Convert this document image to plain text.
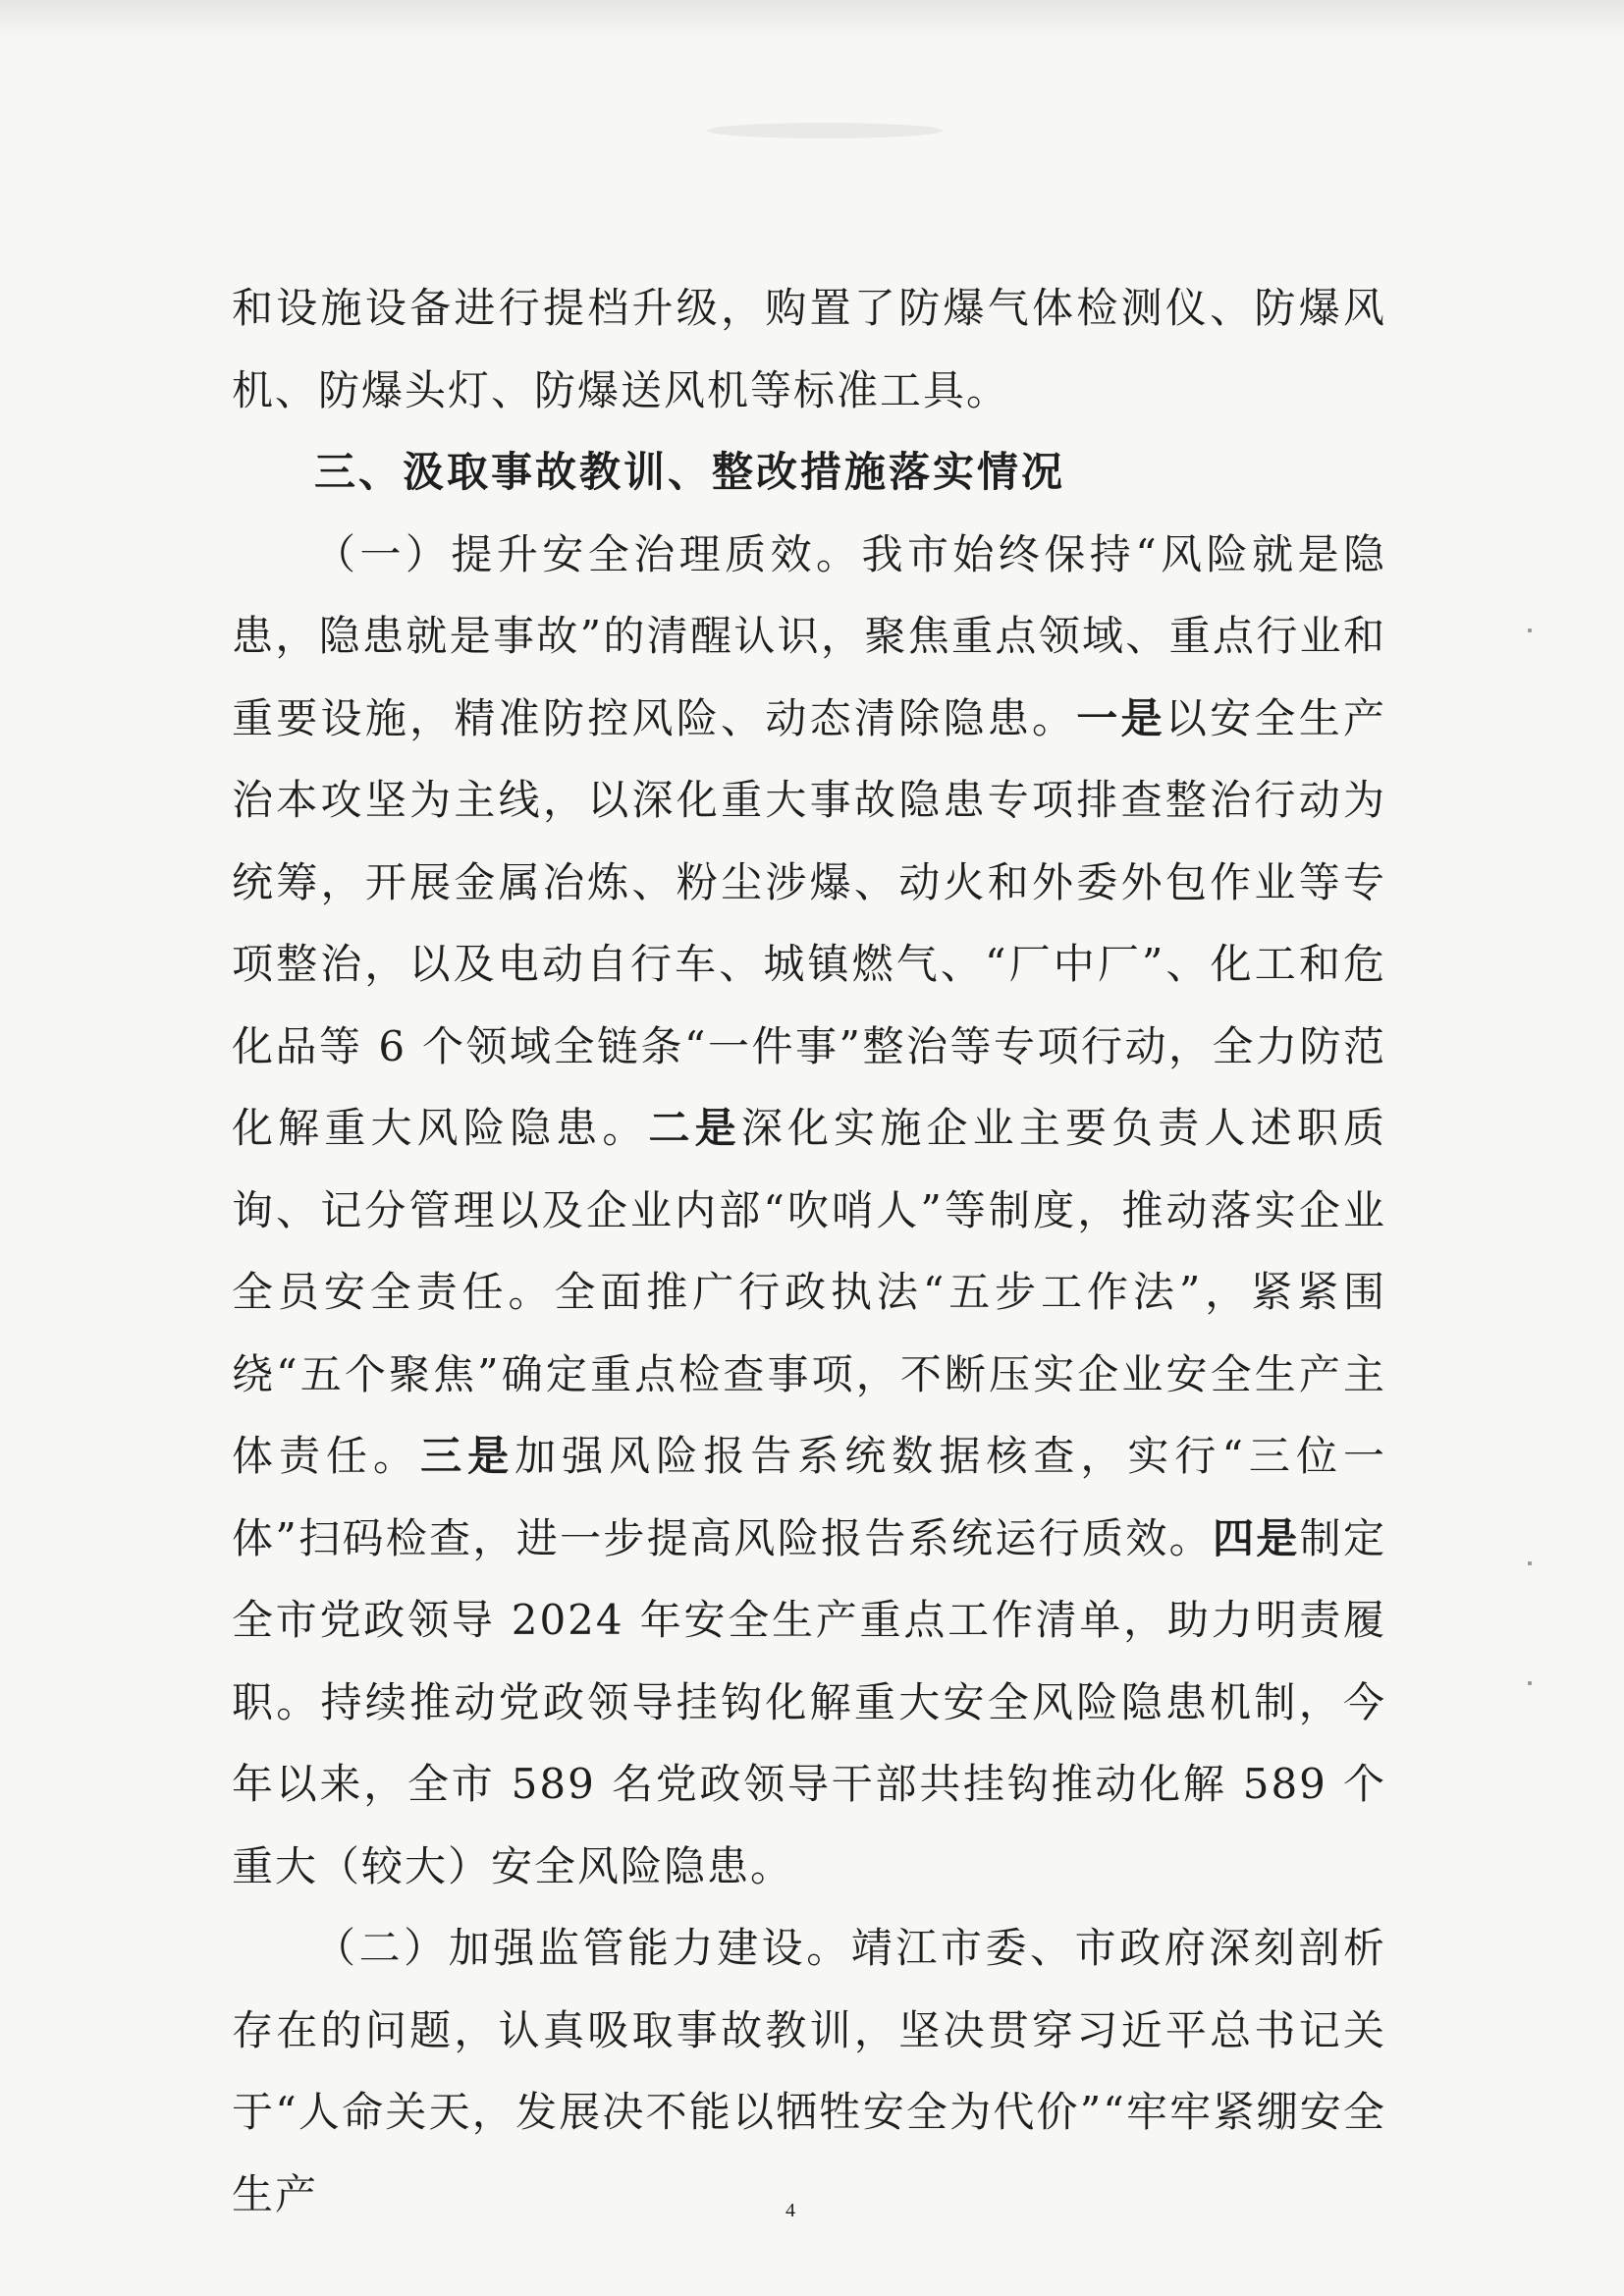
和设施设备进行提档升级，购置了防爆气体检测仪、防爆风机、防爆头灯、防爆送风机等标准工具。

三、汲取事故教训、整改措施落实情况

（一）提升安全治理质效。我市始终保持“风险就是隐患，隐患就是事故”的清醒认识，聚焦重点领域、重点行业和重要设施，精准防控风险、动态清除隐患。一是以安全生产治本攻坚为主线，以深化重大事故隐患专项排查整治行动为统筹，开展金属冶炼、粉尘涉爆、动火和外委外包作业等专项整治，以及电动自行车、城镇燃气、“厂中厂”、化工和危化品等 6 个领域全链条“一件事”整治等专项行动，全力防范化解重大风险隐患。二是深化实施企业主要负责人述职质询、记分管理以及企业内部“吹哨人”等制度，推动落实企业全员安全责任。全面推广行政执法“五步工作法”，紧紧围绕“五个聚焦”确定重点检查事项，不断压实企业安全生产主体责任。三是加强风险报告系统数据核查，实行“三位一体”扫码检查，进一步提高风险报告系统运行质效。四是制定全市党政领导 2024 年安全生产重点工作清单，助力明责履职。持续推动党政领导挂钩化解重大安全风险隐患机制，今年以来，全市 589 名党政领导干部共挂钩推动化解 589 个重大（较大）安全风险隐患。

（二）加强监管能力建设。靖江市委、市政府深刻剖析存在的问题，认真吸取事故教训，坚决贯穿习近平总书记关于“人命关天，发展决不能以牺牲安全为代价”“牢牢紧绷安全生产	4
